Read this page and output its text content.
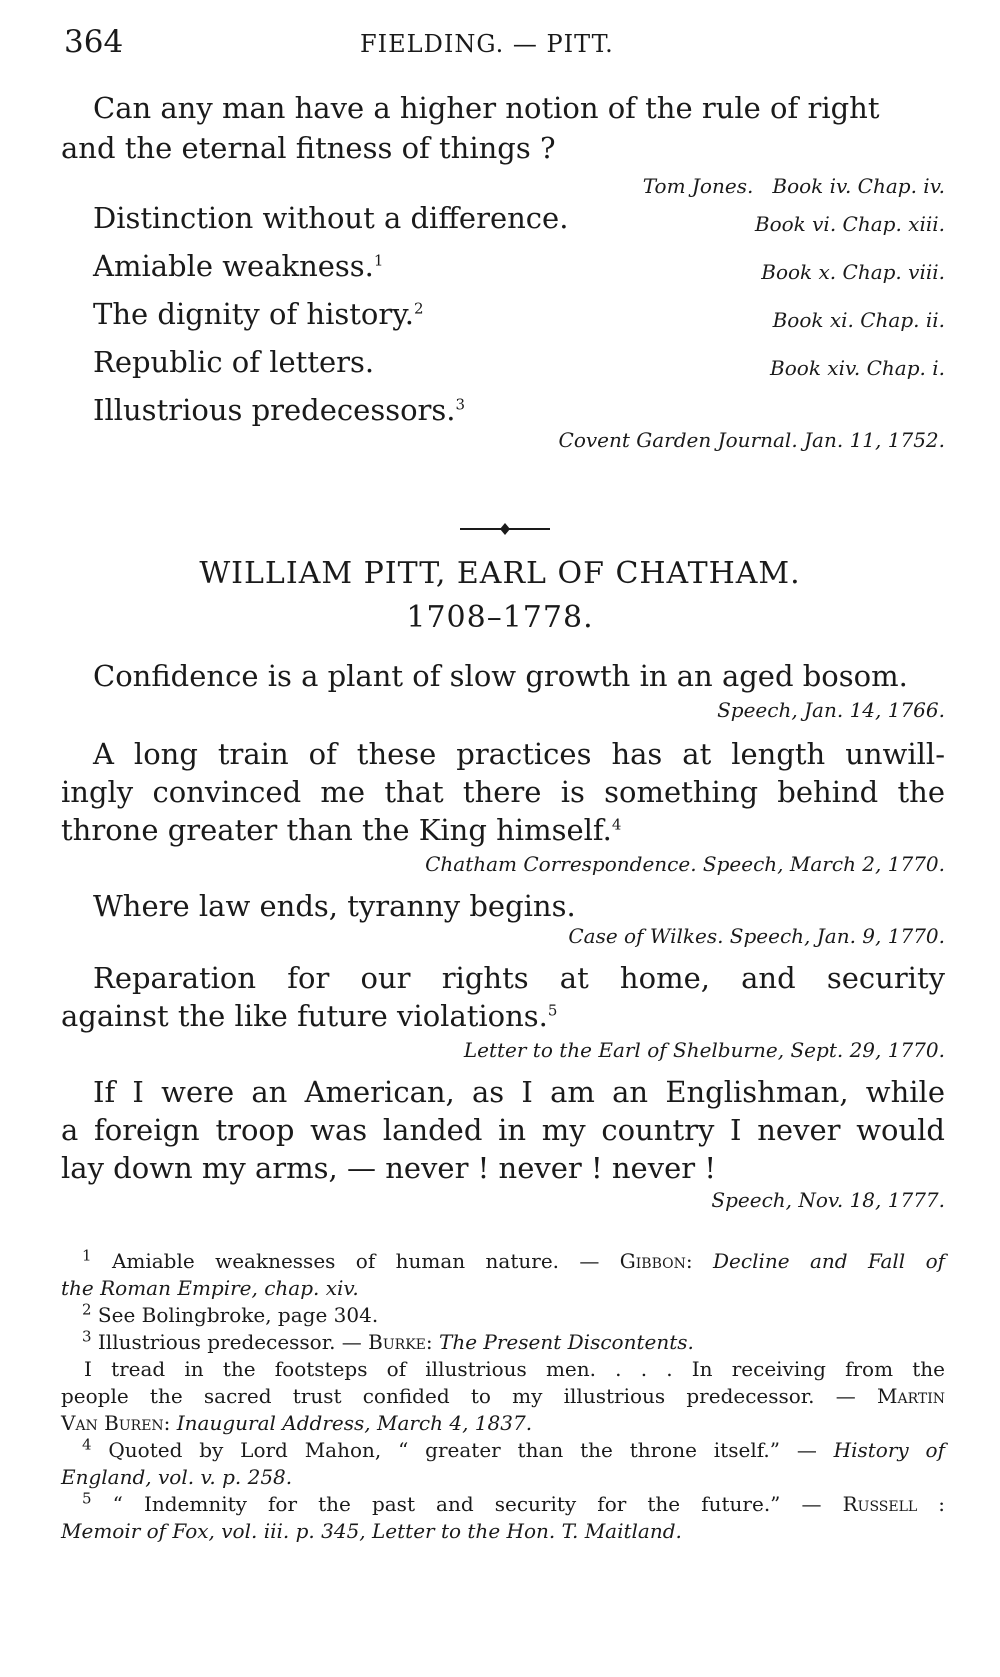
364	FIELDING. — PITT.
Can any man have a higher notion of the rule of right
and the eternal fitness of things ?
Tom Jones. Book iv. Chap. iv.
Distinction without a difference.	Book vi. Chap. xiii.
Amiable weakness.$^1$	Book x. Chap. viii.
The dignity of history.$^2$	Book xi. Chap. ii.
Republic of letters.	Book xiv. Chap. i.
Illustrious predecessors.$^3$
Covent Garden Journal. Jan. 11, 1752.
WILLIAM PITT, EARL OF CHATHAM.
1708–1778.
Confidence is a plant of slow growth in an aged bosom.
Speech, Jan. 14, 1766.
A long train of these practices has at length unwill-
ingly convinced me that there is something behind the
throne greater than the King himself.$^4$
Chatham Correspondence. Speech, March 2, 1770.
Where law ends, tyranny begins.
Case of Wilkes. Speech, Jan. 9, 1770.
Reparation for our rights at home, and security
against the like future violations.$^5$
Letter to the Earl of Shelburne, Sept. 29, 1770.
If I were an American, as I am an Englishman, while
a foreign troop was landed in my country I never would
lay down my arms, — never ! never ! never !
Speech, Nov. 18, 1777.
$^1$ Amiable weaknesses of human nature. — Gibbon: Decline and Fall of
the Roman Empire, chap. xiv.
$^2$ See Bolingbroke, page 304.
$^3$ Illustrious predecessor. — Burke: The Present Discontents.
I tread in the footsteps of illustrious men. . . . In receiving from the
people the sacred trust confided to my illustrious predecessor. — Martin
Van Buren: Inaugural Address, March 4, 1837.
$^4$ Quoted by Lord Mahon, “ greater than the throne itself.” — History of
England, vol. v. p. 258.
$^5$ “ Indemnity for the past and security for the future.” — Russell :
Memoir of Fox, vol. iii. p. 345, Letter to the Hon. T. Maitland.
